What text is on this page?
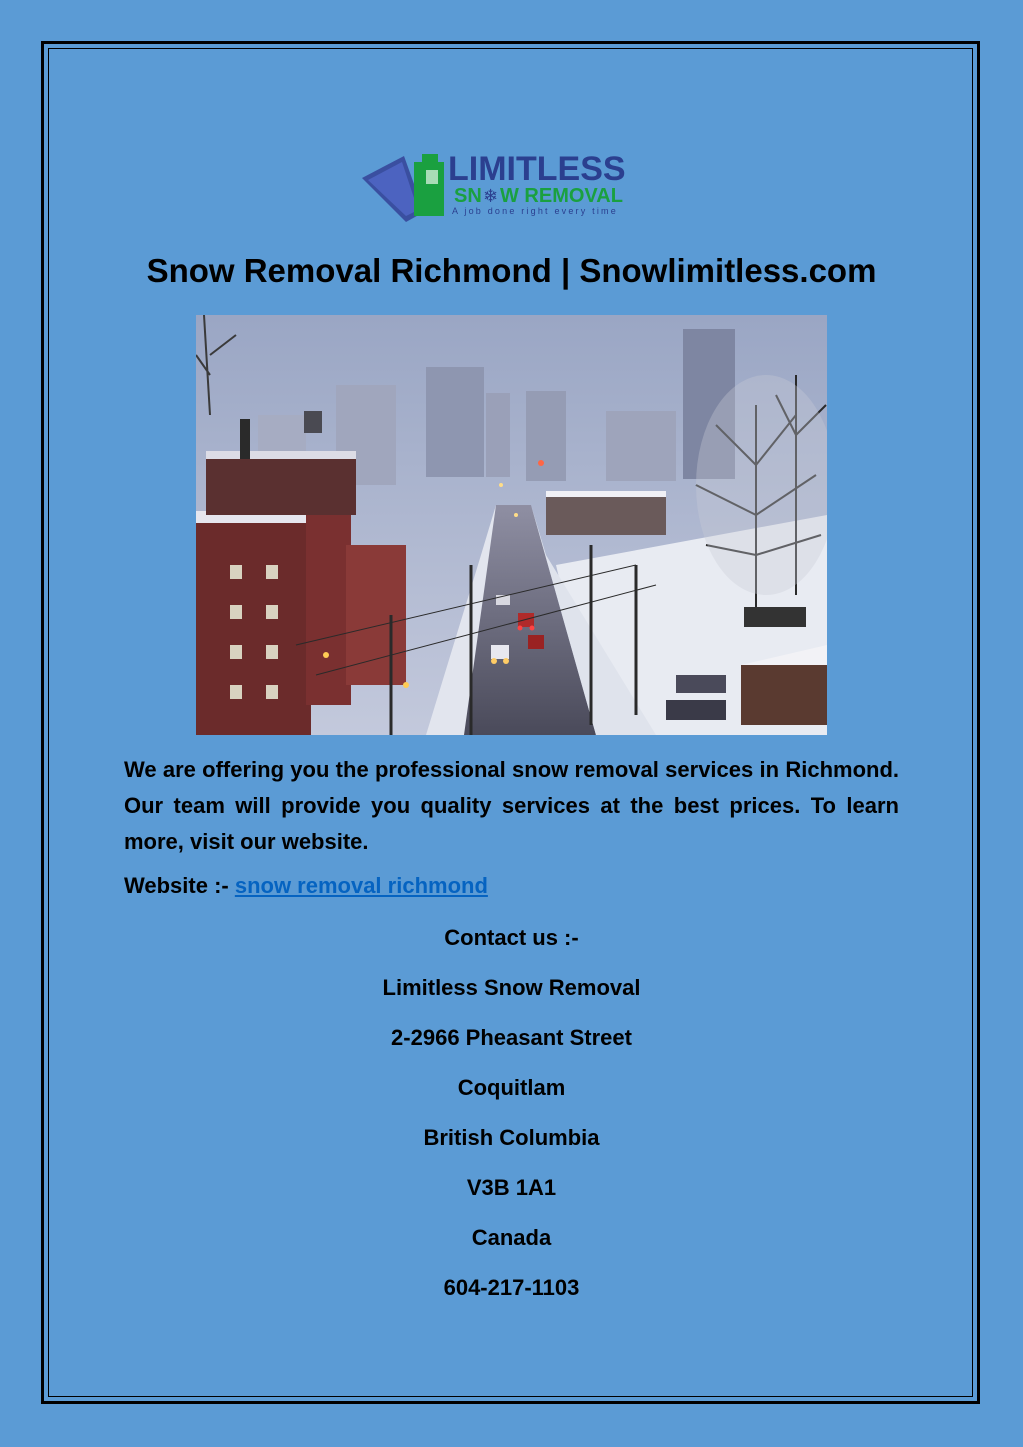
LIMITLESS
SN ❄ W REMOVAL
A job done right every time
Snow Removal Richmond | Snowlimitless.com

We are offering you the professional snow removal services in Richmond. Our team will provide you quality services at the best prices. To learn more, visit our website.

Website :- snow removal richmond

Contact us :-

Limitless Snow Removal

2-2966 Pheasant Street

Coquitlam

British Columbia

V3B 1A1

Canada

604-217-1103
